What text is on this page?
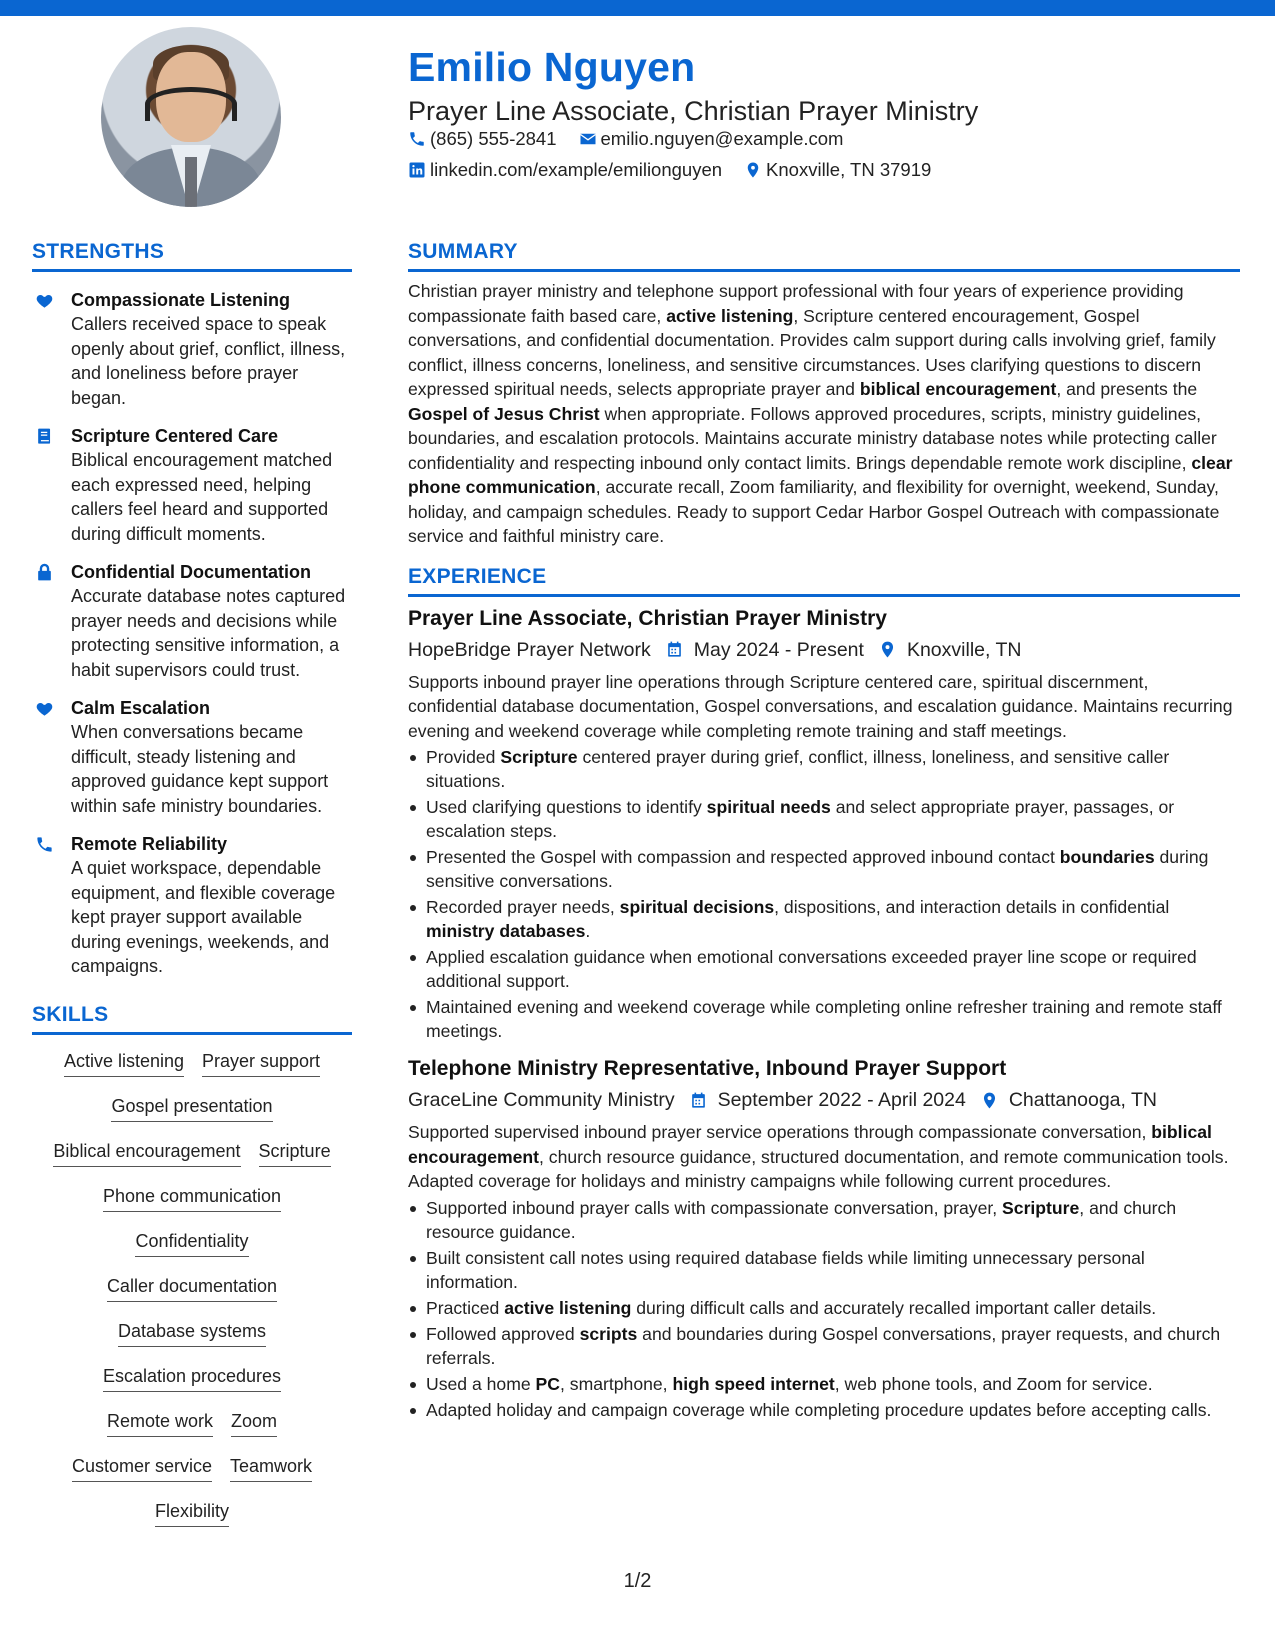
Emilio Nguyen
Prayer Line Associate, Christian Prayer Ministry
(865) 555-2841 emilio.nguyen@example.com
linkedin.com/example/emilionguyen Knoxville, TN 37919
STRENGTHS
Compassionate Listening
Callers received space to speak openly about grief, conflict, illness, and loneliness before prayer began.
Scripture Centered Care
Biblical encouragement matched each expressed need, helping callers feel heard and supported during difficult moments.
Confidential Documentation
Accurate database notes captured prayer needs and decisions while protecting sensitive information, a habit supervisors could trust.
Calm Escalation
When conversations became difficult, steady listening and approved guidance kept support within safe ministry boundaries.
Remote Reliability
A quiet workspace, dependable equipment, and flexible coverage kept prayer support available during evenings, weekends, and campaigns.
SKILLS
Active listening Prayer support
Gospel presentation
Biblical encouragement Scripture
Phone communication
Confidentiality
Caller documentation
Database systems
Escalation procedures
Remote work Zoom
Customer service Teamwork
Flexibility
SUMMARY

Christian prayer ministry and telephone support professional with four years of experience providing compassionate faith based care, active listening, Scripture centered encouragement, Gospel conversations, and confidential documentation. Provides calm support during calls involving grief, family conflict, illness concerns, loneliness, and sensitive circumstances. Uses clarifying questions to discern expressed spiritual needs, selects appropriate prayer and biblical encouragement, and presents the Gospel of Jesus Christ when appropriate. Follows approved procedures, scripts, ministry guidelines, boundaries, and escalation protocols. Maintains accurate ministry database notes while protecting caller confidentiality and respecting inbound only contact limits. Brings dependable remote work discipline, clear phone communication, accurate recall, Zoom familiarity, and flexibility for overnight, weekend, Sunday, holiday, and campaign schedules. Ready to support Cedar Harbor Gospel Outreach with compassionate service and faithful ministry care.

EXPERIENCE
Prayer Line Associate, Christian Prayer Ministry
HopeBridge Prayer Network May 2024 - Present Knoxville, TN

Supports inbound prayer line operations through Scripture centered care, spiritual discernment, confidential database documentation, Gospel conversations, and escalation guidance. Maintains recurring evening and weekend coverage while completing remote training and staff meetings.

Provided Scripture centered prayer during grief, conflict, illness, loneliness, and sensitive caller situations.
Used clarifying questions to identify spiritual needs and select appropriate prayer, passages, or escalation steps.
Presented the Gospel with compassion and respected approved inbound contact boundaries during sensitive conversations.
Recorded prayer needs, spiritual decisions, dispositions, and interaction details in confidential ministry databases.
Applied escalation guidance when emotional conversations exceeded prayer line scope or required additional support.
Maintained evening and weekend coverage while completing online refresher training and remote staff meetings.
Telephone Ministry Representative, Inbound Prayer Support
GraceLine Community Ministry September 2022 - April 2024 Chattanooga, TN

Supported supervised inbound prayer service operations through compassionate conversation, biblical encouragement, church resource guidance, structured documentation, and remote communication tools. Adapted coverage for holidays and ministry campaigns while following current procedures.

Supported inbound prayer calls with compassionate conversation, prayer, Scripture, and church resource guidance.
Built consistent call notes using required database fields while limiting unnecessary personal information.
Practiced active listening during difficult calls and accurately recalled important caller details.
Followed approved scripts and boundaries during Gospel conversations, prayer requests, and church referrals.
Used a home PC, smartphone, high speed internet, web phone tools, and Zoom for service.
Adapted holiday and campaign coverage while completing procedure updates before accepting calls.
1/2
